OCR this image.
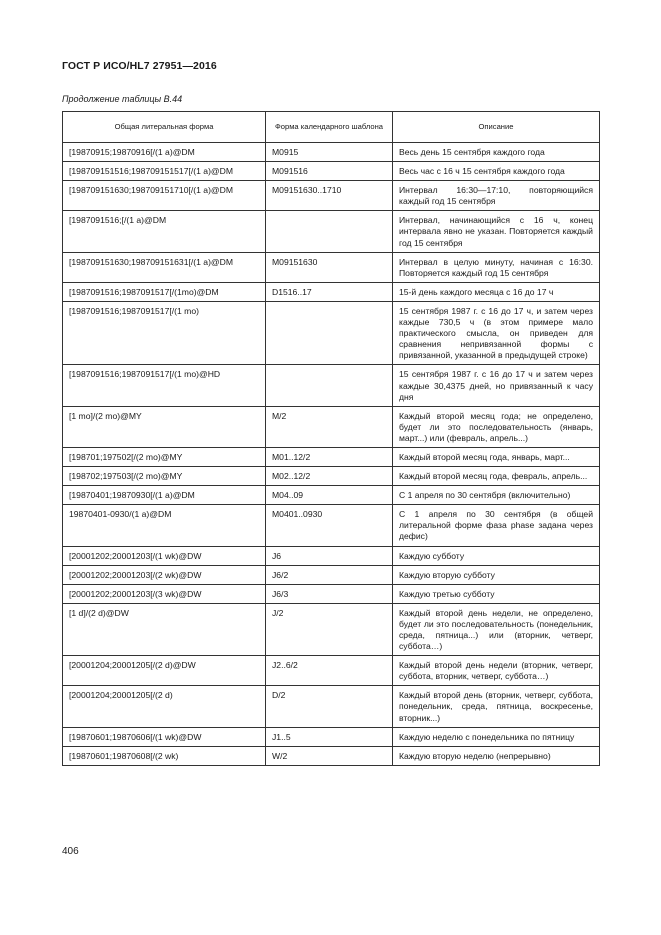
ГОСТ Р ИСО/HL7 27951—2016
Продолжение таблицы В.44
Общая литеральная форма	Форма календарного шаблона	Описание
[19870915;19870916[/(1 a)@DM	M0915	Весь день 15 сентября каждого года
[198709151516;198709151517[/(1 a)@DM	M091516	Весь час с 16 ч 15 сентября каждого года
[198709151630;198709151710[/(1 a)@DM	M09151630..1710	Интервал 16:30—17:10, повторяющийся каждый год 15 сентября
[1987091516;[/(1 a)@DM		Интервал, начинающийся с 16 ч, конец интервала явно не указан. Повторяется каждый год 15 сентября
[198709151630;198709151631[/(1 a)@DM	M09151630	Интервал в целую минуту, начиная с 16:30. Повторяется каждый год 15 сентября
[1987091516;1987091517[/(1mo)@DM	D1516..17	15-й день каждого месяца с 16 до 17 ч
[1987091516;1987091517[/(1 mo)		15 сентября 1987 г. с 16 до 17 ч, и затем через каждые 730,5 ч (в этом примере мало практического смысла, он приведен для сравнения непривязанной формы с привязанной, указанной в предыдущей строке)
[1987091516;1987091517[/(1 mo)@HD		15 сентября 1987 г. с 16 до 17 ч и затем через каждые 30,4375 дней, но привязанный к часу дня
[1 mo]/(2 mo)@MY	M/2	Каждый второй месяц года; не определено, будет ли это последовательность (январь, март...) или (февраль, апрель...)
[198701;197502[/(2 mo)@MY	M01..12/2	Каждый второй месяц года, январь, март...
[198702;197503[/(2 mo)@MY	M02..12/2	Каждый второй месяц года, февраль, апрель...
[19870401;19870930[/(1 a)@DM	M04..09	С 1 апреля по 30 сентября (включительно)
19870401-0930/(1 a)@DM	M0401..0930	С 1 апреля по 30 сентября (в общей литеральной форме фаза phase задана через дефис)
[20001202;20001203[/(1 wk)@DW	J6	Каждую субботу
[20001202;20001203[/(2 wk)@DW	J6/2	Каждую вторую субботу
[20001202;20001203[/(3 wk)@DW	J6/3	Каждую третью субботу
[1 d]/(2 d)@DW	J/2	Каждый второй день недели, не определено, будет ли это последовательность (понедельник, среда, пятница...) или (вторник, четверг, суббота…)
[20001204;20001205[/(2 d)@DW	J2..6/2	Каждый второй день недели (вторник, четверг, суббота, вторник, четверг, суббота…)
[20001204;20001205[/(2 d)	D/2	Каждый второй день (вторник, четверг, суббота, понедельник, среда, пятница, воскресенье, вторник...)
[19870601;19870606[/(1 wk)@DW	J1..5	Каждую неделю с понедельника по пятницу
[19870601;19870608[/(2 wk)	W/2	Каждую вторую неделю (непрерывно)
406
